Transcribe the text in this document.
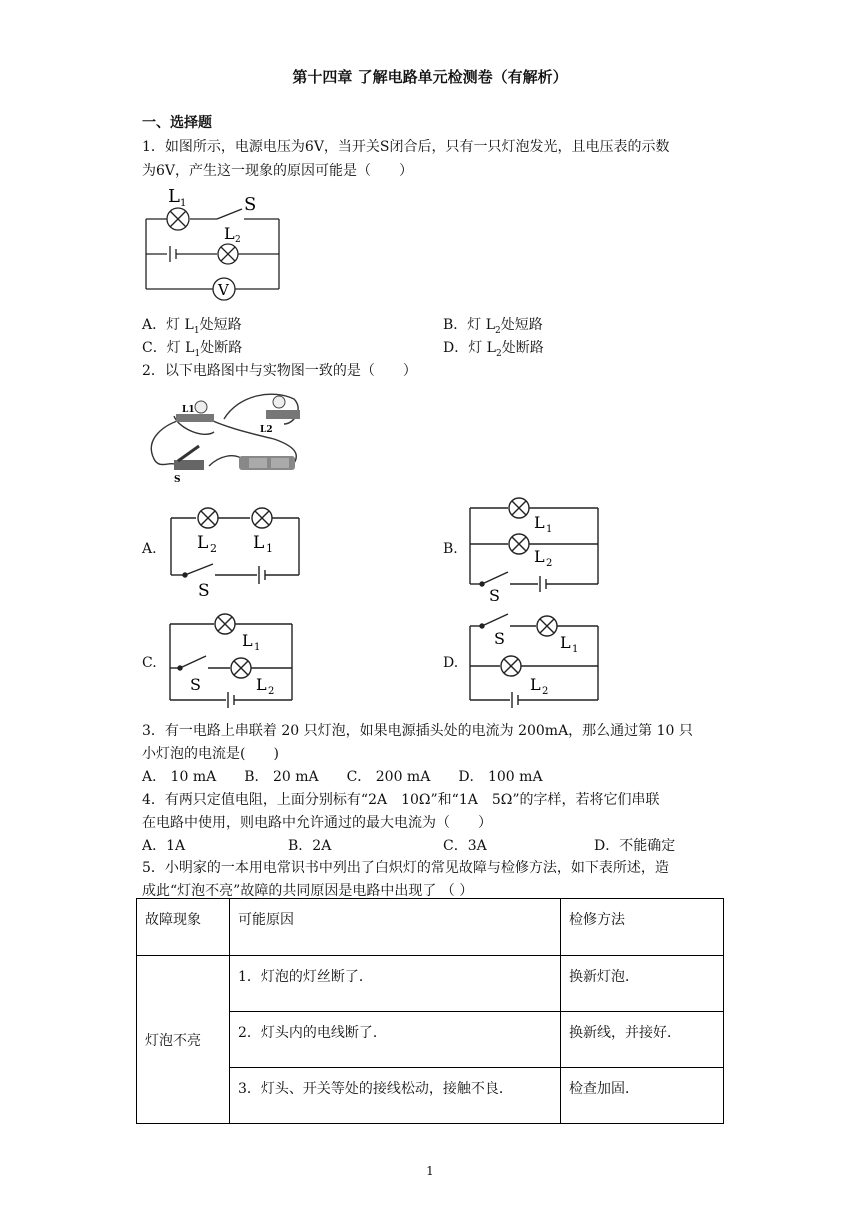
第十四章 了解电路单元检测卷（有解析）
一、选择题
1．如图所示，电源电压为6V，当开关S闭合后，只有一只灯泡发光，且电压表的示数
为6V，产生这一现象的原因可能是（　　）
L 1	S
L 2
V
A．灯 $L_1$处短路	B．灯 $L_2$处短路
C．灯 $L_1$处断路	D．灯 $L_2$处断路
2．以下电路图中与实物图一致的是（　　）
L1
L2
S
A. L 2 L 1
S
B.
L 1
L 2
S
C.
L 1
S	L 2
D.
S	L 1
L 2
3．有一电路上串联着 20 只灯泡，如果电源插头处的电流为 200mA，那么通过第 10 只
小灯泡的电流是(　　)
A． 10 mA　　B． 20 mA　　C． 200 mA　　D． 100 mA
4．有两只定值电阻，上面分别标有“2A　10Ω”和“1A　5Ω”的字样，若将它们串联
在电路中使用，则电路中允许通过的最大电流为（　　）
A．1A	B．2A	C．3A	D．不能确定
5．小明家的一本用电常识书中列出了白炽灯的常见故障与检修方法，如下表所述，造
成此“灯泡不亮”故障的共同原因是电路中出现了 （ ）
故障现象	可能原因	检修方法
灯泡不亮	1．灯泡的灯丝断了．	换新灯泡．
	2．灯头内的电线断了．	换新线，并接好．
	3．灯头、开关等处的接线松动，接触不良．	检查加固．
1
